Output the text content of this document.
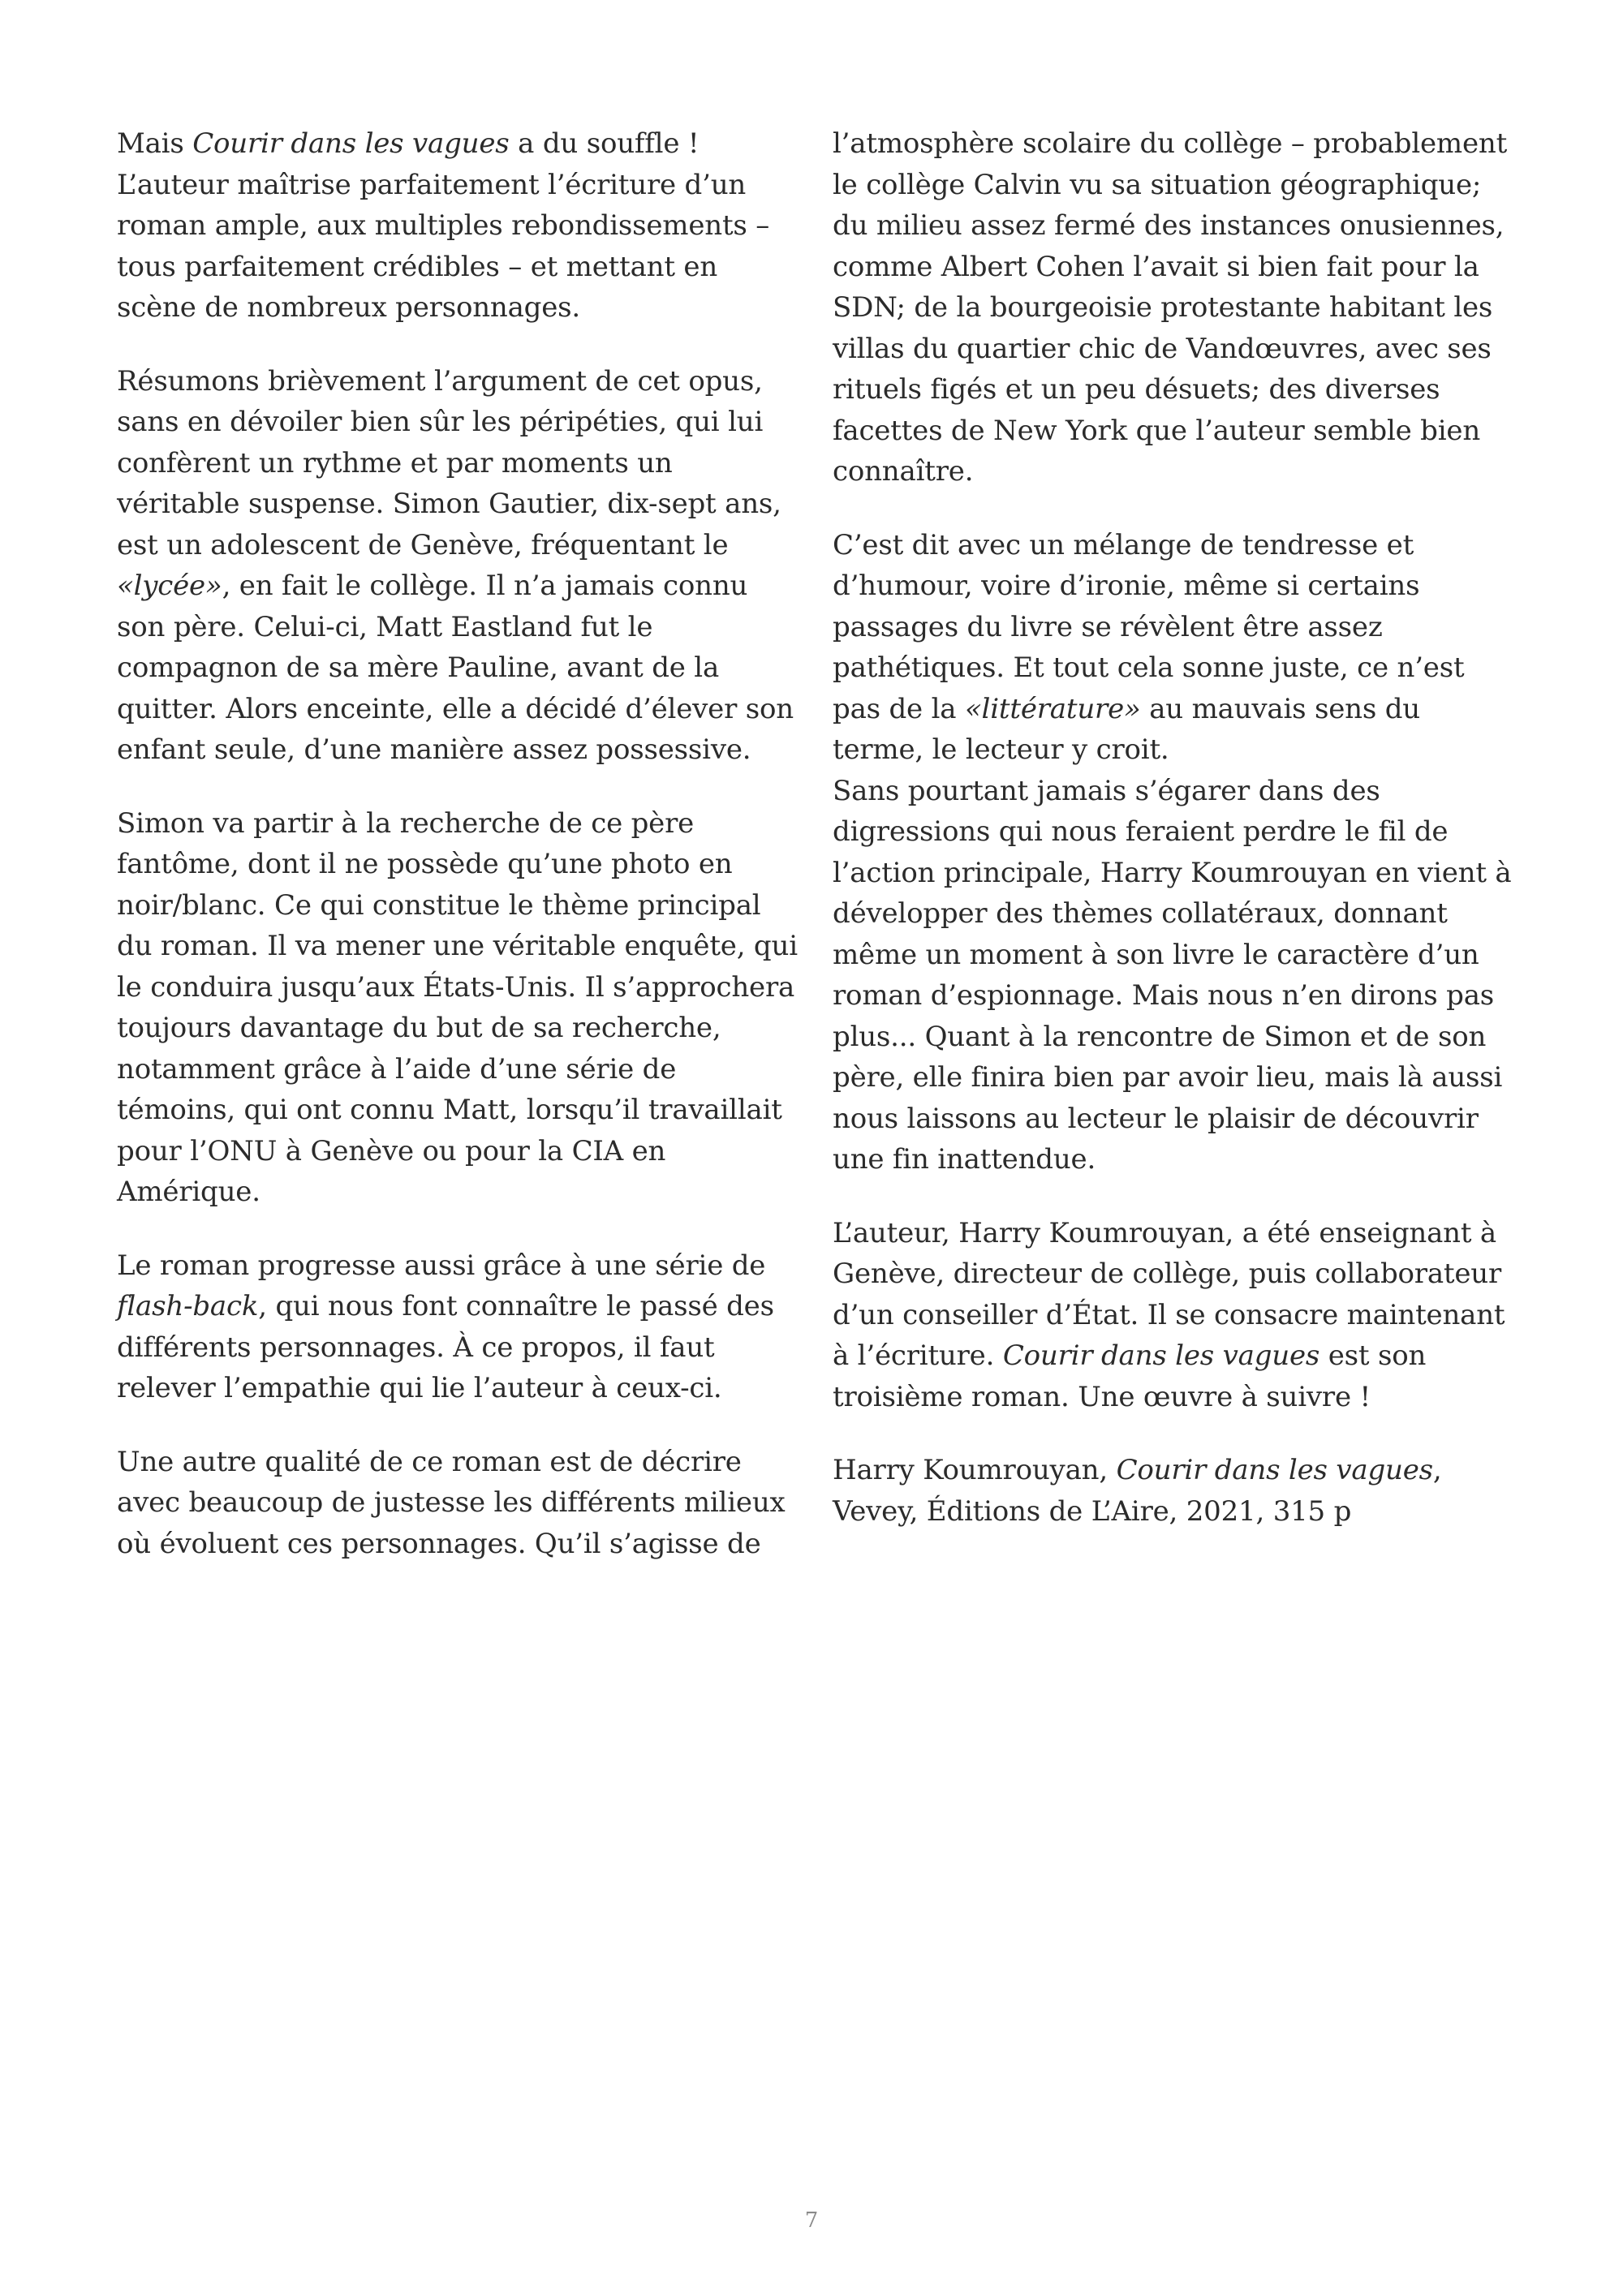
Mais Courir dans les vagues a du souffle ! L’auteur maîtrise parfaitement l’écriture d’un roman ample, aux multiples rebondissements – tous parfaitement crédibles – et mettant en scène de nombreux personnages.

Résumons brièvement l’argument de cet opus, sans en dévoiler bien sûr les péripéties, qui lui confèrent un rythme et par moments un véritable suspense. Simon Gautier, dix-sept ans, est un adolescent de Genève, fréquentant le «lycée», en fait le collège. Il n’a jamais connu son père. Celui-ci, Matt Eastland fut le compagnon de sa mère Pauline, avant de la quitter. Alors enceinte, elle a décidé d’élever son enfant seule, d’une manière assez possessive.

Simon va partir à la recherche de ce père fantôme, dont il ne possède qu’une photo en noir/blanc. Ce qui constitue le thème principal du roman. Il va mener une véritable enquête, qui le conduira jusqu’aux États-Unis. Il s’approchera toujours davantage du but de sa recherche, notamment grâce à l’aide d’une série de témoins, qui ont connu Matt, lorsqu’il travaillait pour l’ONU à Genève ou pour la CIA en Amérique.

Le roman progresse aussi grâce à une série de flash-back, qui nous font connaître le passé des différents personnages. À ce propos, il faut relever l’empathie qui lie l’auteur à ceux-ci.

Une autre qualité de ce roman est de décrire avec beaucoup de justesse les différents milieux où évoluent ces personnages. Qu’il s’agisse de

l’atmosphère scolaire du collège – probablement le collège Calvin vu sa situation géographique; du milieu assez fermé des instances onusiennes, comme Albert Cohen l’avait si bien fait pour la SDN; de la bourgeoisie protestante habitant les villas du quartier chic de Vandœuvres, avec ses rituels figés et un peu désuets; des diverses facettes de New York que l’auteur semble bien connaître.

C’est dit avec un mélange de tendresse et d’humour, voire d’ironie, même si certains passages du livre se révèlent être assez pathétiques. Et tout cela sonne juste, ce n’est pas de la «littérature» au mauvais sens du terme, le lecteur y croit.

Sans pourtant jamais s’égarer dans des digressions qui nous feraient perdre le fil de l’action principale, Harry Koumrouyan en vient à développer des thèmes collatéraux, donnant même un moment à son livre le caractère d’un roman d’espionnage. Mais nous n’en dirons pas plus... Quant à la rencontre de Simon et de son père, elle finira bien par avoir lieu, mais là aussi nous laissons au lecteur le plaisir de découvrir une fin inattendue.

L’auteur, Harry Koumrouyan, a été enseignant à Genève, directeur de collège, puis collaborateur d’un conseiller d’État. Il se consacre maintenant à l’écriture. Courir dans les vagues est son troisième roman. Une œuvre à suivre !

Harry Koumrouyan, Courir dans les vagues, Vevey, Éditions de L’Aire, 2021, 315 p

7
